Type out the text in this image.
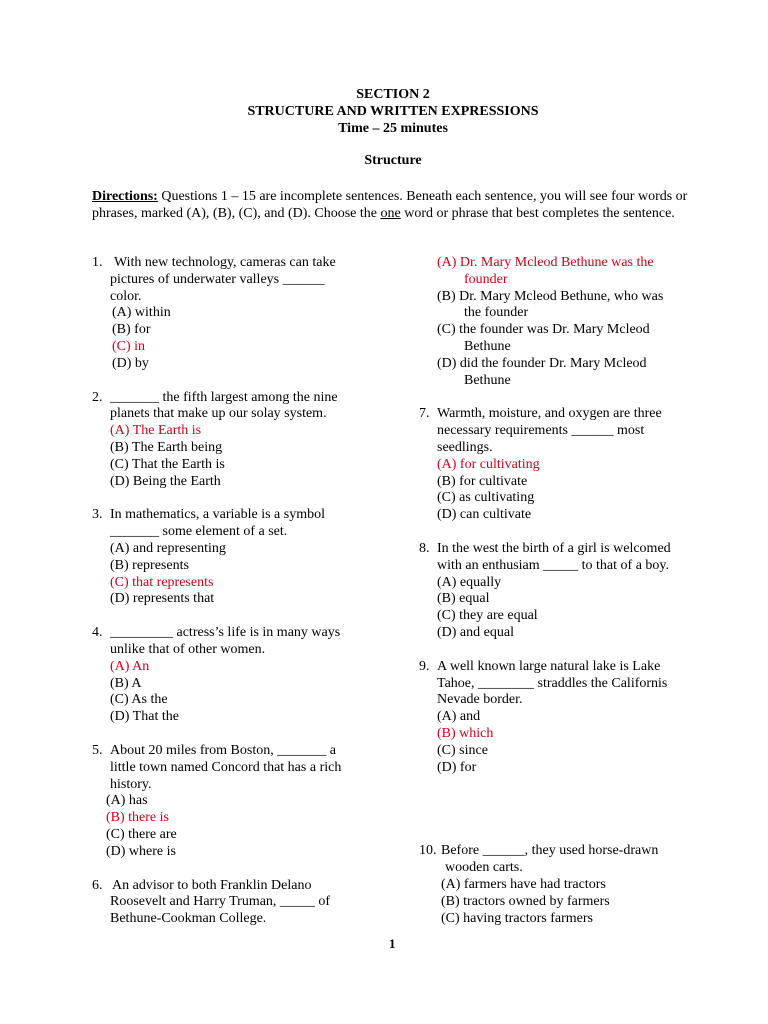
SECTION 2
STRUCTURE AND WRITTEN EXPRESSIONS
Time – 25 minutes
Structure
Directions: Questions 1 – 15 are incomplete sentences. Beneath each sentence, you will see four words or phrases, marked (A), (B), (C), and (D). Choose the one word or phrase that best completes the sentence.
1. With new technology, cameras can take
pictures of underwater valleys ______
color.
(A) within
(B) for
(C) in
(D) by
2. _______ the fifth largest among the nine
planets that make up our solay system.
(A) The Earth is
(B) The Earth being
(C) That the Earth is
(D) Being the Earth
3. In mathematics, a variable is a symbol
_______ some element of a set.
(A) and representing
(B) represents
(C) that represents
(D) represents that
4. _________ actress’s life is in many ways
unlike that of other women.
(A) An
(B) A
(C) As the
(D) That the
5. About 20 miles from Boston, _______ a
little town named Concord that has a rich
history.
(A) has
(B) there is
(C) there are
(D) where is
6. An advisor to both Franklin Delano
Roosevelt and Harry Truman, _____ of
Bethune-Cookman College.
(A) Dr. Mary Mcleod Bethune was the
founder
(B) Dr. Mary Mcleod Bethune, who was
the founder
(C) the founder was Dr. Mary Mcleod
Bethune
(D) did the founder Dr. Mary Mcleod
Bethune
7. Warmth, moisture, and oxygen are three
necessary requirements ______ most
seedlings.
(A) for cultivating
(B) for cultivate
(C) as cultivating
(D) can cultivate
8. In the west the birth of a girl is welcomed
with an enthusiam _____ to that of a boy.
(A) equally
(B) equal
(C) they are equal
(D) and equal
9. A well known large natural lake is Lake
Tahoe, ________ straddles the Californis
Nevade border.
(A) and
(B) which
(C) since
(D) for
10. Before ______, they used horse-drawn
wooden carts.
(A) farmers have had tractors
(B) tractors owned by farmers
(C) having tractors farmers
1
